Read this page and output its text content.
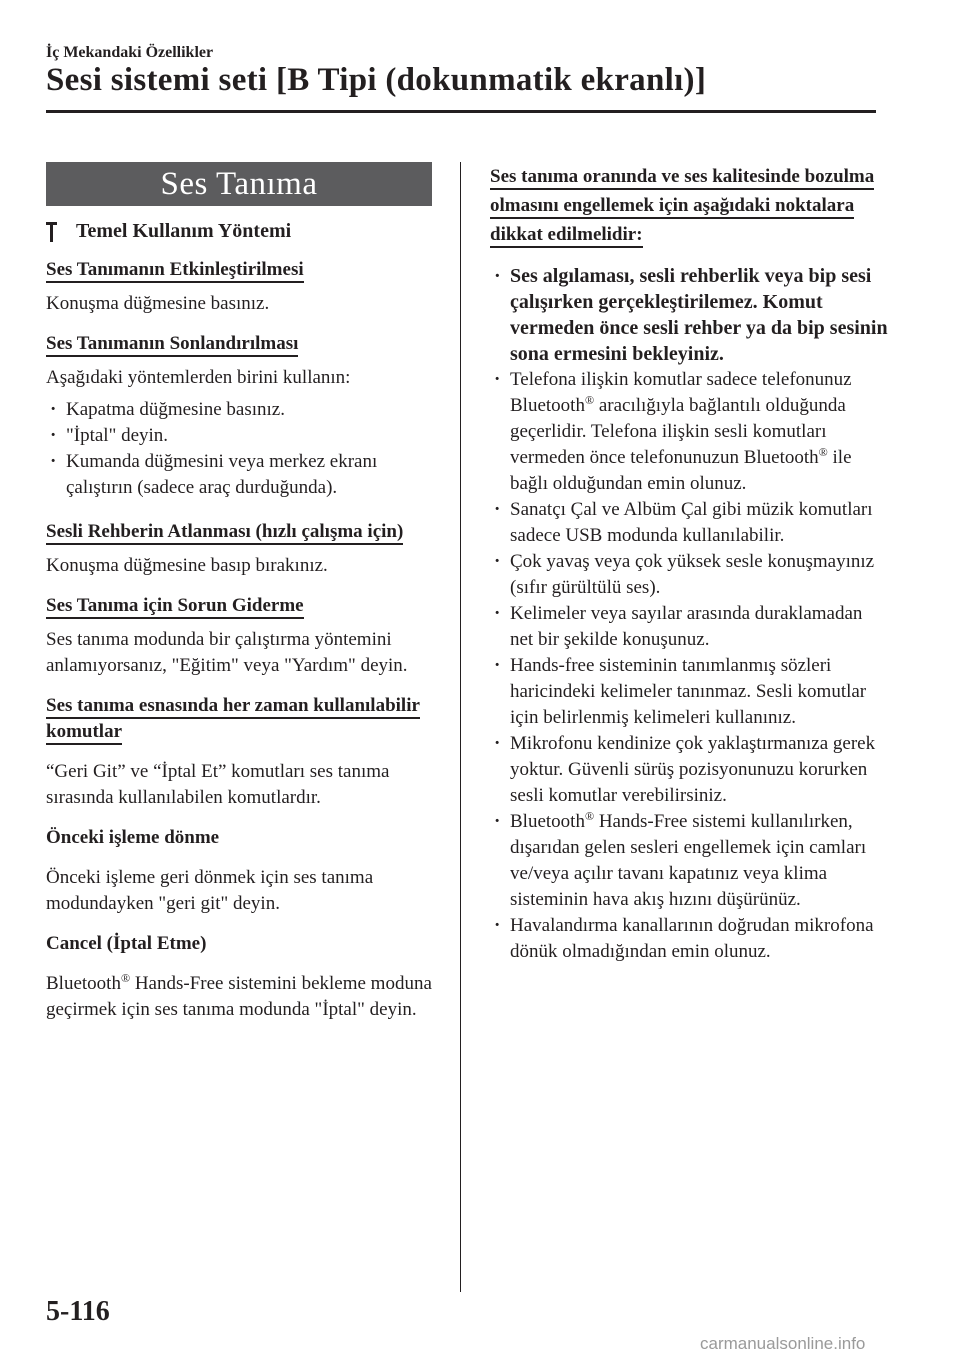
İç Mekandaki Özellikler
Sesi sistemi seti [B Tipi (dokunmatik ekranlı)]
Ses Tanıma
Temel Kullanım Yöntemi
Ses Tanımanın Etkinleştirilmesi
Konuşma düğmesine basınız.
Ses Tanımanın Sonlandırılması
Aşağıdaki yöntemlerden birini kullanın:
· Kapatma düğmesine basınız.
· "İptal" deyin.
· Kumanda düğmesini veya merkez ekranı çalıştırın (sadece araç durduğunda).
Sesli Rehberin Atlanması (hızlı çalışma için)
Konuşma düğmesine basıp bırakınız.
Ses Tanıma için Sorun Giderme
Ses tanıma modunda bir çalıştırma yöntemini anlamıyorsanız, "Eğitim" veya "Yardım" deyin.
Ses tanıma esnasında her zaman kullanılabilir komutlar
“Geri Git” ve “İptal Et” komutları ses tanıma sırasında kullanılabilen komutlardır.
Önceki işleme dönme
Önceki işleme geri dönmek için ses tanıma modundayken "geri git" deyin.
Cancel (İptal Etme)
Bluetooth® Hands-Free sistemini bekleme moduna geçirmek için ses tanıma modunda "İptal" deyin.
Ses tanıma oranında ve ses kalitesinde bozulma olmasını engellemek için aşağıdaki noktalara dikkat edilmelidir:
· Ses algılaması, sesli rehberlik veya bip sesi çalışırken gerçekleştirilemez. Komut vermeden önce sesli rehber ya da bip sesinin sona ermesini bekleyiniz.
· Telefona ilişkin komutlar sadece telefonunuz Bluetooth® aracılığıyla bağlantılı olduğunda geçerlidir. Telefona ilişkin sesli komutları vermeden önce telefonunuzun Bluetooth® ile bağlı olduğundan emin olunuz.
· Sanatçı Çal ve Albüm Çal gibi müzik komutları sadece USB modunda kullanılabilir.
· Çok yavaş veya çok yüksek sesle konuşmayınız (sıfır gürültülü ses).
· Kelimeler veya sayılar arasında duraklamadan net bir şekilde konuşunuz.
· Hands-free sisteminin tanımlanmış sözleri haricindeki kelimeler tanınmaz. Sesli komutlar için belirlenmiş kelimeleri kullanınız.
· Mikrofonu kendinize çok yaklaştırmanıza gerek yoktur. Güvenli sürüş pozisyonunuzu korurken sesli komutlar verebilirsiniz.
· Bluetooth® Hands-Free sistemi kullanılırken, dışarıdan gelen sesleri engellemek için camları ve/veya açılır tavanı kapatınız veya klima sisteminin hava akış hızını düşürünüz.
· Havalandırma kanallarının doğrudan mikrofona dönük olmadığından emin olunuz.
5-116
carmanualsonline.info
